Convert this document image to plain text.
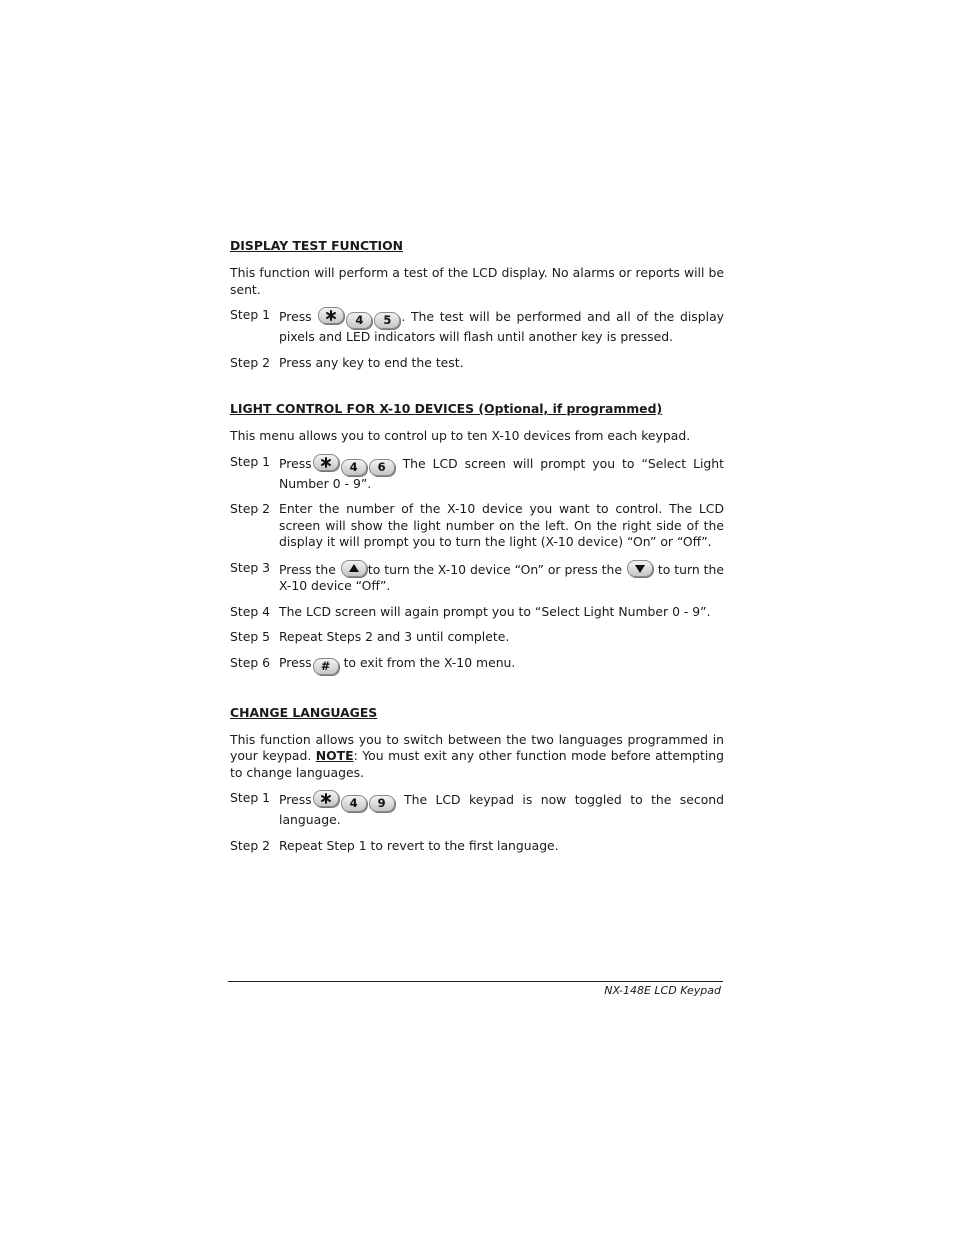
DISPLAY TEST FUNCTION

This function will perform a test of the LCD display. No alarms or reports will be sent.

Step 1 Press	4 5 . The test will be performed and all of the display pixels and LED indicators will flash until another key is pressed.
Step 2 Press any key to end the test.
LIGHT CONTROL FOR X-10 DEVICES (Optional, if programmed)

This menu allows you to control up to ten X-10 devices from each keypad.

Step 1 Press	4 6 The LCD screen will prompt you to “Select Light Number 0 - 9”.
Step 2 Enter the number of the X-10 device you want to control. The LCD screen will show the light number on the left. On the right side of the display it will prompt you to turn the light (X-10 device) “On” or “Off”.
Step 3 Press the	to turn the X-10 device “On” or press the	to turn the X-10 device “Off”.
Step 4 The LCD screen will again prompt you to “Select Light Number 0 - 9”.
Step 5 Repeat Steps 2 and 3 until complete.
Step 6 Press # to exit from the X-10 menu.
CHANGE LANGUAGES

This function allows you to switch between the two languages programmed in your keypad. NOTE: You must exit any other function mode before attempting to change languages.

Step 1 Press	4 9 The LCD keypad is now toggled to the second language.
Step 2 Repeat Step 1 to revert to the first language.
NX-148E LCD Keypad
